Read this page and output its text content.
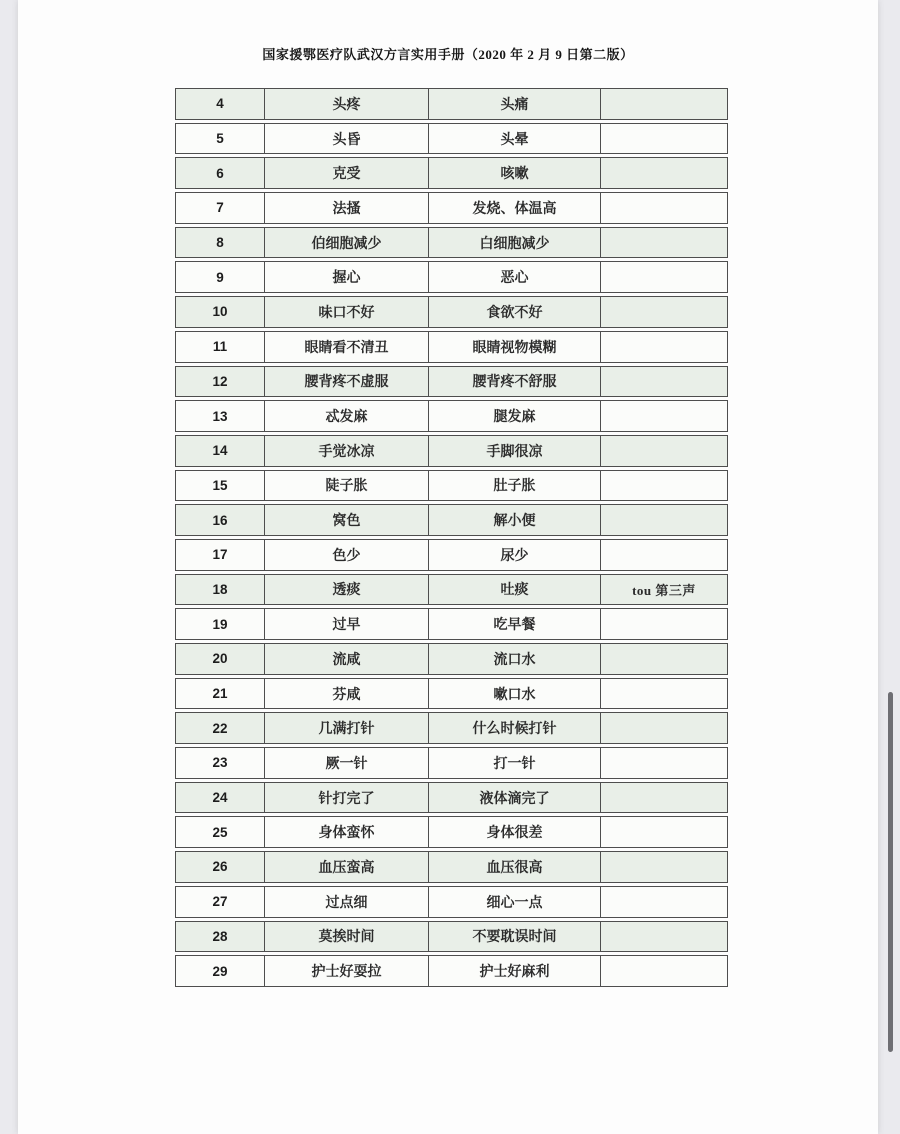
国家援鄂医疗队武汉方言实用手册（2020 年 2 月 9 日第二版）
4	头疼	头痛
5	头昏	头晕
6	克受	咳嗽
7	法搔	发烧、体温高
8	伯细胞减少	白细胞减少
9	握心	恶心
10	味口不好	食欲不好
11	眼睛看不清丑	眼睛视物模糊
12	腰背疼不虚服	腰背疼不舒服
13	忒发麻	腿发麻
14	手觉冰凉	手脚很凉
15	陡子胀	肚子胀
16	窝色	解小便
17	色少	尿少
18	透痰	吐痰	tou 第三声
19	过早	吃早餐
20	流咸	流口水
21	芬咸	嗽口水
22	几满打针	什么时候打针
23	厥一针	打一针
24	针打完了	液体滴完了
25	身体蛮怀	身体很差
26	血压蛮高	血压很高
27	过点细	细心一点
28	莫挨时间	不要耽误时间
29	护士好耍拉	护士好麻利
